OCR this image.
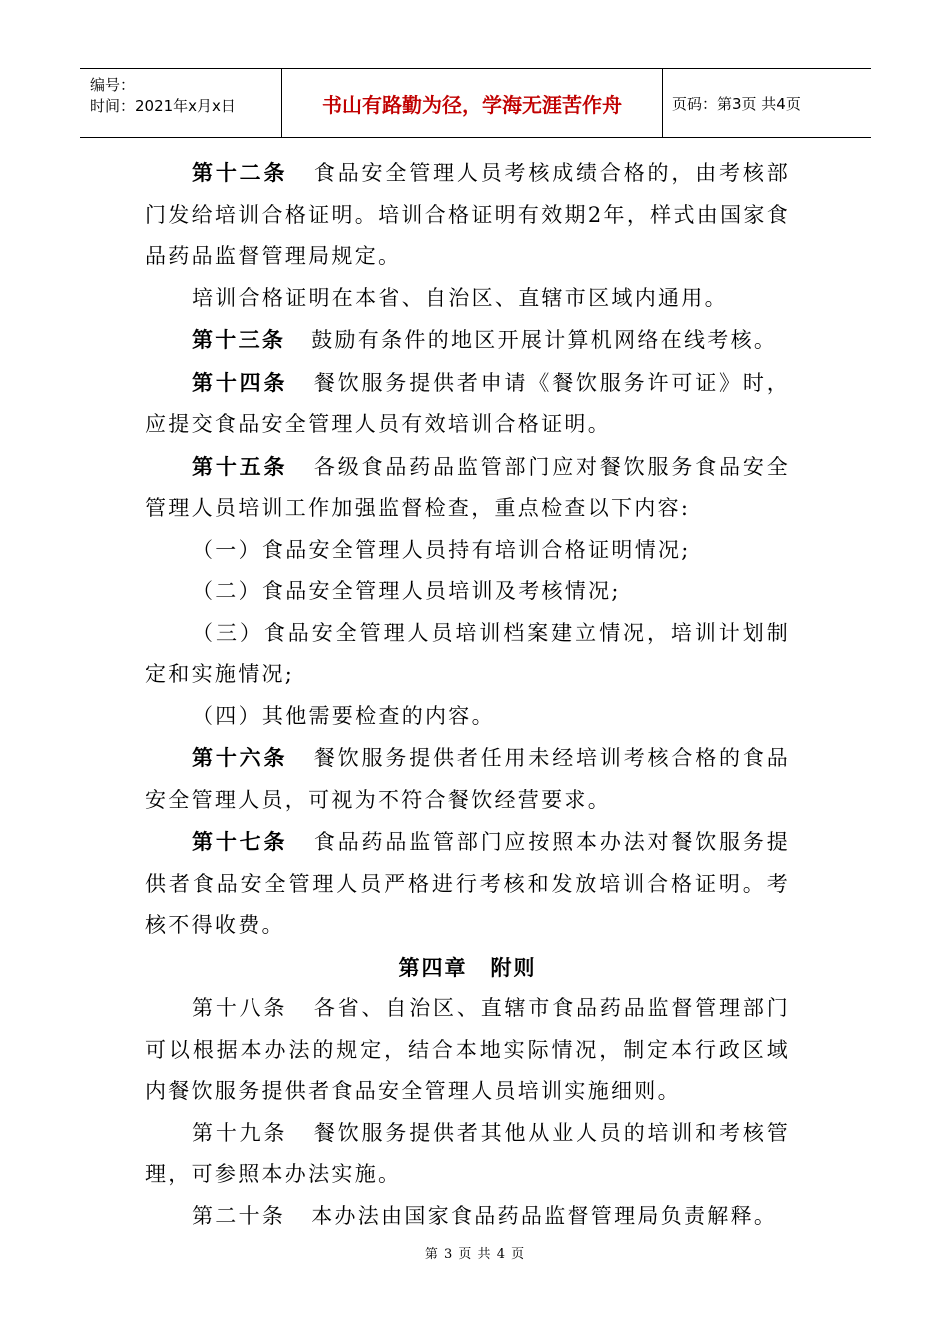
编号：
时间：2021年x月x日	书山有路勤为径，学海无涯苦作舟	页码：第3页 共4页

第十二条 食品安全管理人员考核成绩合格的，由考核部门发给培训合格证明。培训合格证明有效期2年，样式由国家食品药品监督管理局规定。

培训合格证明在本省、自治区、直辖市区域内通用。

第十三条 鼓励有条件的地区开展计算机网络在线考核。

第十四条 餐饮服务提供者申请《餐饮服务许可证》时，应提交食品安全管理人员有效培训合格证明。

第十五条 各级食品药品监管部门应对餐饮服务食品安全管理人员培训工作加强监督检查，重点检查以下内容:

（一）食品安全管理人员持有培训合格证明情况;

（二）食品安全管理人员培训及考核情况;

（三）食品安全管理人员培训档案建立情况，培训计划制定和实施情况;

（四）其他需要检查的内容。

第十六条 餐饮服务提供者任用未经培训考核合格的食品安全管理人员，可视为不符合餐饮经营要求。

第十七条 食品药品监管部门应按照本办法对餐饮服务提供者食品安全管理人员严格进行考核和发放培训合格证明。考核不得收费。

第四章　附则

第十八条 各省、自治区、直辖市食品药品监督管理部门可以根据本办法的规定，结合本地实际情况，制定本行政区域内餐饮服务提供者食品安全管理人员培训实施细则。

第十九条 餐饮服务提供者其他从业人员的培训和考核管理，可参照本办法实施。

第二十条 本办法由国家食品药品监督管理局负责解释。

第 3 页 共 4 页
